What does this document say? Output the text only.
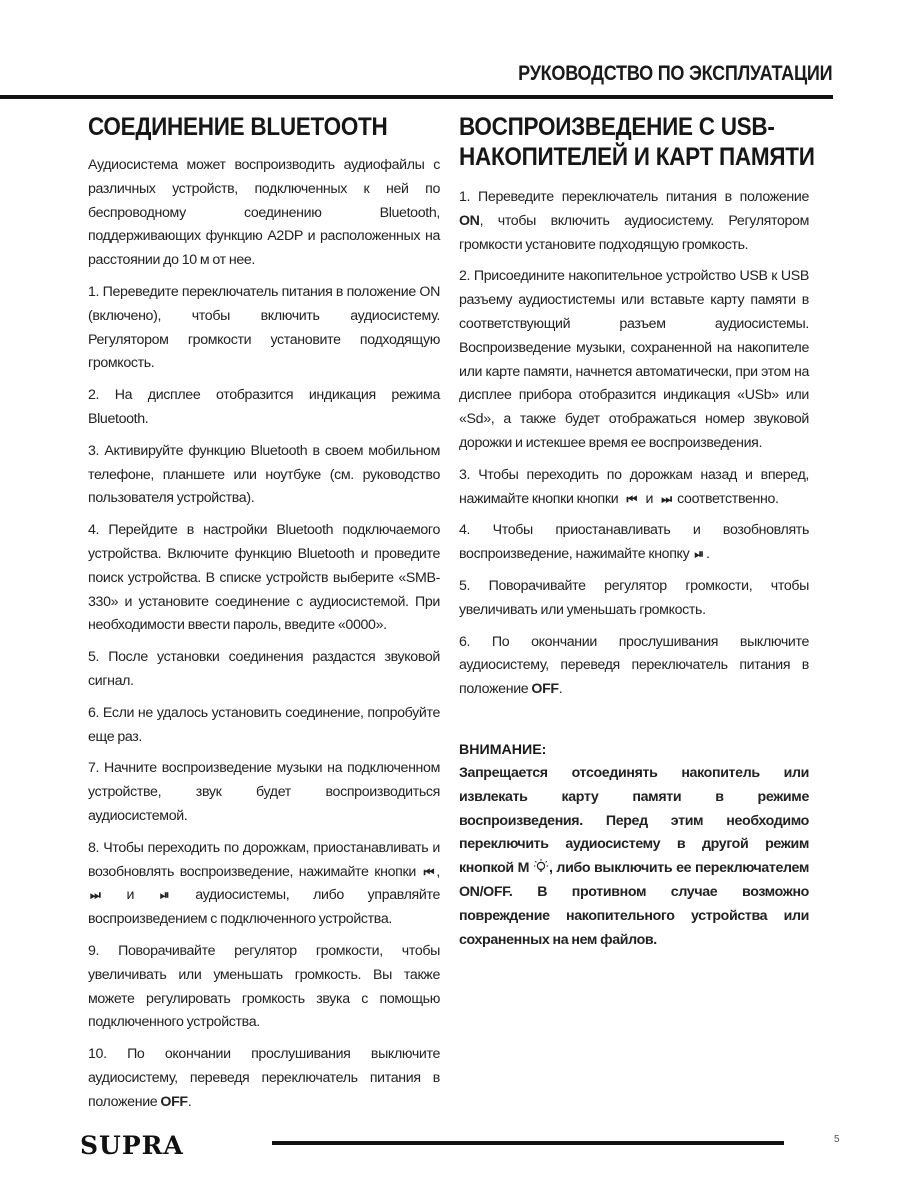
РУКОВОДСТВО ПО ЭКСПЛУАТАЦИИ
СОЕДИНЕНИЕ BLUETOOTH

Аудиосистема может воспроизводить аудиофайлы с различных устройств, подключенных к ней по беспроводному соединению Bluetooth, поддерживающих функцию A2DP и расположенных на расстоянии до 10 м от нее.

1. Переведите переключатель питания в положение ON (включено), чтобы включить аудиосистему. Регулятором громкости установите подходящую громкость.

2. На дисплее отобразится индикация режима Bluetooth.

3. Активируйте функцию Bluetooth в своем мобильном телефоне, планшете или ноутбуке (см. руководство пользователя устройства).

4. Перейдите в настройки Bluetooth подключаемого устройства. Включите функцию Bluetooth и проведите поиск устройства. В списке устройств выберите «SMB-330» и установите соединение с аудиосистемой. При необходимости ввести пароль, введите «0000».

5. После установки соединения раздастся звуковой сигнал.

6. Если не удалось установить соединение, попробуйте еще раз.

7. Начните воспроизведение музыки на подключенном устройстве, звук будет воспроизводиться аудиосистемой.

8. Чтобы переходить по дорожкам, приостанавливать и возобновлять воспроизведение, нажимайте кнопки ⏮ , ⏭ и ⏯ аудиосистемы, либо управляйте воспроизведением с подключенного устройства.

9. Поворачивайте регулятор громкости, чтобы увеличивать или уменьшать громкость. Вы также можете регулировать громкость звука с помощью подключенного устройства.

10. По окончании прослушивания выключите аудиосистему, переведя переключатель питания в положение OFF.

ВОСПРОИЗВЕДЕНИЕ С USB-
НАКОПИТЕЛЕЙ И КАРТ ПАМЯТИ

1. Переведите переключатель питания в положение ON, чтобы включить аудиосистему. Регулятором громкости установите подходящую громкость.

2. Присоедините накопительное устройство USB к USB разъему аудиостистемы или вставьте карту памяти в соответствующий разъем аудиосистемы. Воспроизведение музыки, сохраненной на накопителе или карте памяти, начнется автоматически, при этом на дисплее прибора отобразится индикация «USb» или «Sd», а также будет отображаться номер звуковой дорожки и истекшее время ее воспроизведения.

3. Чтобы переходить по дорожкам назад и вперед, нажимайте кнопки кнопки ⏮ и ⏭ соответственно.

4. Чтобы приостанавливать и возобновлять воспроизведение, нажимайте кнопку ⏯ .

5. Поворачивайте регулятор громкости, чтобы увеличивать или уменьшать громкость.

6. По окончании прослушивания выключите аудиосистему, переведя переключатель питания в положение OFF.

ВНИМАНИЕ:

Запрещается отсоединять накопитель или извлекать карту памяти в режиме воспроизведения. Перед этим необходимо переключить аудиосистему в другой режим кнопкой M , либо выключить ее переключателем ON/OFF. В противном случае возможно повреждение накопительного устройства или сохраненных на нем файлов.

SUPRA	5
